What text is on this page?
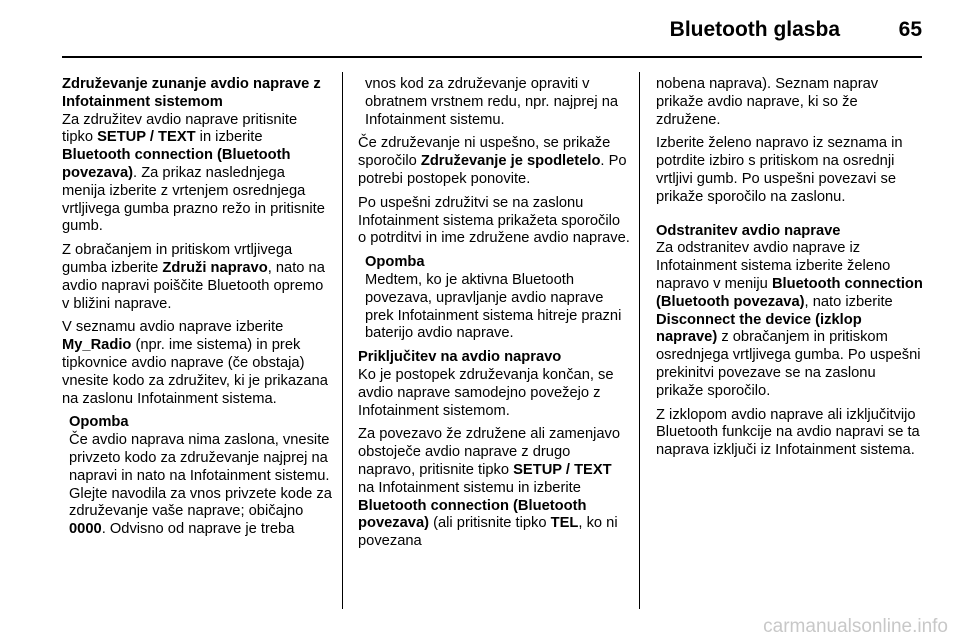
Bluetooth glasba	65
Združevanje zunanje avdio naprave z Infotainment sistemom

Za združitev avdio naprave pritisnite tipko SETUP / TEXT in izberite Bluetooth connection (Bluetooth povezava). Za prikaz naslednjega menija izberite z vrtenjem osrednjega vrtljivega gumba prazno režo in pritisnite gumb.

Z obračanjem in pritiskom vrtljivega gumba izberite Združi napravo, nato na avdio napravi poiščite Bluetooth opremo v bližini naprave.

V seznamu avdio naprave izberite My_Radio (npr. ime sistema) in prek tipkovnice avdio naprave (če obstaja) vnesite kodo za združitev, ki je prikazana na zaslonu Infotainment sistema.

Opomba

Če avdio naprava nima zaslona, vnesite privzeto kodo za združevanje najprej na napravi in nato na Infotainment sistemu. Glejte navodila za vnos privzete kode za združevanje vaše naprave; običajno 0000. Odvisno od naprave je treba

vnos kod za združevanje opraviti v obratnem vrstnem redu, npr. najprej na Infotainment sistemu.

Če združevanje ni uspešno, se prikaže sporočilo Združevanje je spodletelo. Po potrebi postopek ponovite.

Po uspešni združitvi se na zaslonu Infotainment sistema prikažeta sporočilo o potrditvi in ime združene avdio naprave.

Opomba

Medtem, ko je aktivna Bluetooth povezava, upravljanje avdio naprave prek Infotainment sistema hitreje prazni baterijo avdio naprave.

Priključitev na avdio napravo

Ko je postopek združevanja končan, se avdio naprave samodejno povežejo z Infotainment sistemom.

Za povezavo že združene ali zamenjavo obstoječe avdio naprave z drugo napravo, pritisnite tipko SETUP / TEXT na Infotainment sistemu in izberite Bluetooth connection (Bluetooth povezava) (ali pritisnite tipko TEL, ko ni povezana

nobena naprava). Seznam naprav prikaže avdio naprave, ki so že združene.

Izberite želeno napravo iz seznama in potrdite izbiro s pritiskom na osrednji vrtljivi gumb. Po uspešni povezavi se prikaže sporočilo na zaslonu.

Odstranitev avdio naprave

Za odstranitev avdio naprave iz Infotainment sistema izberite želeno napravo v meniju Bluetooth connection (Bluetooth povezava), nato izberite Disconnect the device (izklop naprave) z obračanjem in pritiskom osrednjega vrtljivega gumba. Po uspešni prekinitvi povezave se na zaslonu prikaže sporočilo.

Z izklopom avdio naprave ali izključitvijo Bluetooth funkcije na avdio napravi se ta naprava izključi iz Infotainment sistema.

carmanualsonline.info
